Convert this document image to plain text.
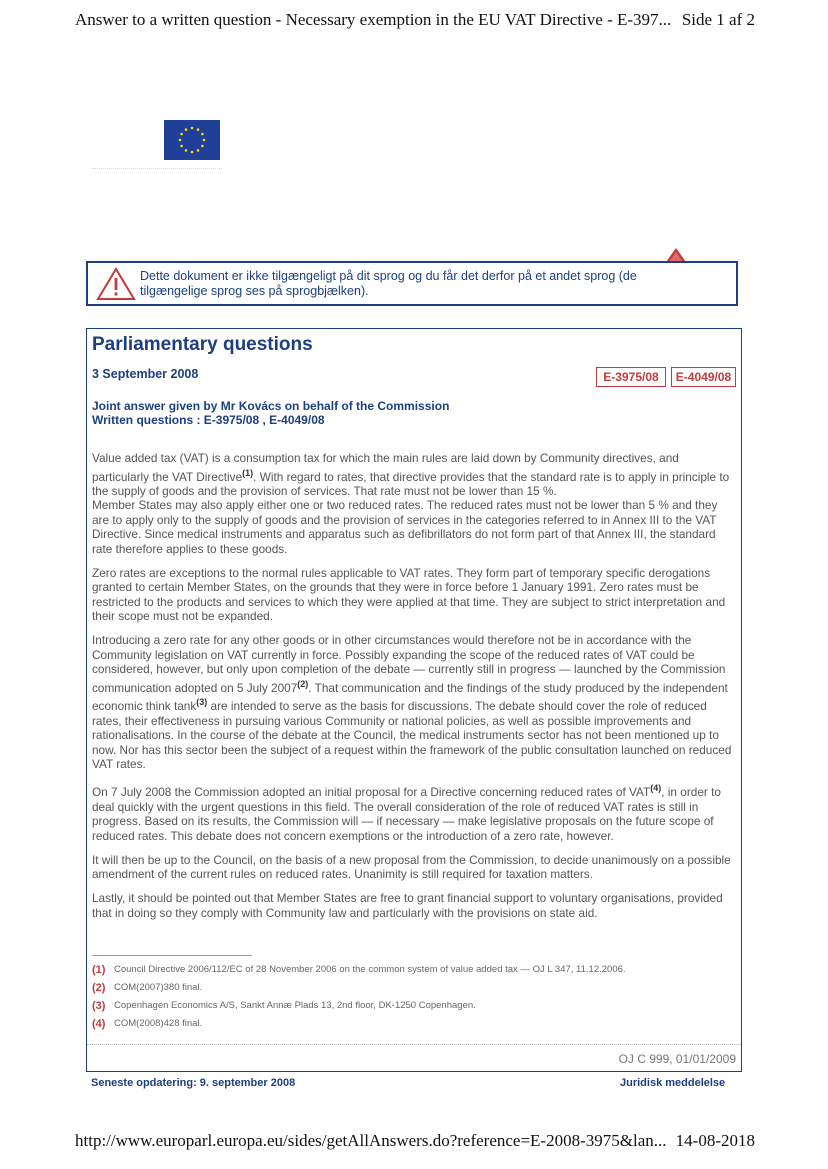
Answer to a written question - Necessary exemption in the EU VAT Directive - E-397... Side 1 af 2
Dette dokument er ikke tilgængeligt på dit sprog og du får det derfor på et andet sprog (de
tilgængelige sprog ses på sprogbjælken).
Parliamentary questions
3 September 2008	E-3975/08	E-4049/08
Joint answer given by Mr Kovács on behalf of the Commission
Written questions : E-3975/08 , E-4049/08

Value added tax (VAT) is a consumption tax for which the main rules are laid down by Community directives, and particularly the VAT Directive$^{(1)}$. With regard to rates, that directive provides that the standard rate is to apply in principle to the supply of goods and the provision of services. That rate must not be lower than 15 %.
Member States may also apply either one or two reduced rates. The reduced rates must not be lower than 5 % and they are to apply only to the supply of goods and the provision of services in the categories referred to in Annex III to the VAT Directive. Since medical instruments and apparatus such as defibrillators do not form part of that Annex III, the standard rate therefore applies to these goods.

Zero rates are exceptions to the normal rules applicable to VAT rates. They form part of temporary specific derogations granted to certain Member States, on the grounds that they were in force before 1 January 1991. Zero rates must be restricted to the products and services to which they were applied at that time. They are subject to strict interpretation and their scope must not be expanded.

Introducing a zero rate for any other goods or in other circumstances would therefore not be in accordance with the Community legislation on VAT currently in force. Possibly expanding the scope of the reduced rates of VAT could be considered, however, but only upon completion of the debate — currently still in progress — launched by the Commission communication adopted on 5 July 2007$^{(2)}$. That communication and the findings of the study produced by the independent economic think tank$^{(3)}$ are intended to serve as the basis for discussions. The debate should cover the role of reduced rates, their effectiveness in pursuing various Community or national policies, as well as possible improvements and rationalisations. In the course of the debate at the Council, the medical instruments sector has not been mentioned up to now. Nor has this sector been the subject of a request within the framework of the public consultation launched on reduced VAT rates.

On 7 July 2008 the Commission adopted an initial proposal for a Directive concerning reduced rates of VAT$^{(4)}$, in order to deal quickly with the urgent questions in this field. The overall consideration of the role of reduced VAT rates is still in progress. Based on its results, the Commission will — if necessary — make legislative proposals on the future scope of reduced rates. This debate does not concern exemptions or the introduction of a zero rate, however.

It will then be up to the Council, on the basis of a new proposal from the Commission, to decide unanimously on a possible amendment of the current rules on reduced rates. Unanimity is still required for taxation matters.

Lastly, it should be pointed out that Member States are free to grant financial support to voluntary organisations, provided that in doing so they comply with Community law and particularly with the provisions on state aid.

(1) Council Directive 2006/112/EC of 28 November 2006 on the common system of value added tax — OJ L 347, 11.12.2006.
(2) COM(2007)380 final.
(3) Copenhagen Economics A/S, Sankt Annæ Plads 13, 2nd floor, DK-1250 Copenhagen.
(4) COM(2008)428 final.
OJ C 999, 01/01/2009
Seneste opdatering: 9. september 2008	Juridisk meddelelse
http://www.europarl.europa.eu/sides/getAllAnswers.do?reference=E-2008-3975&lan... 14-08-2018
